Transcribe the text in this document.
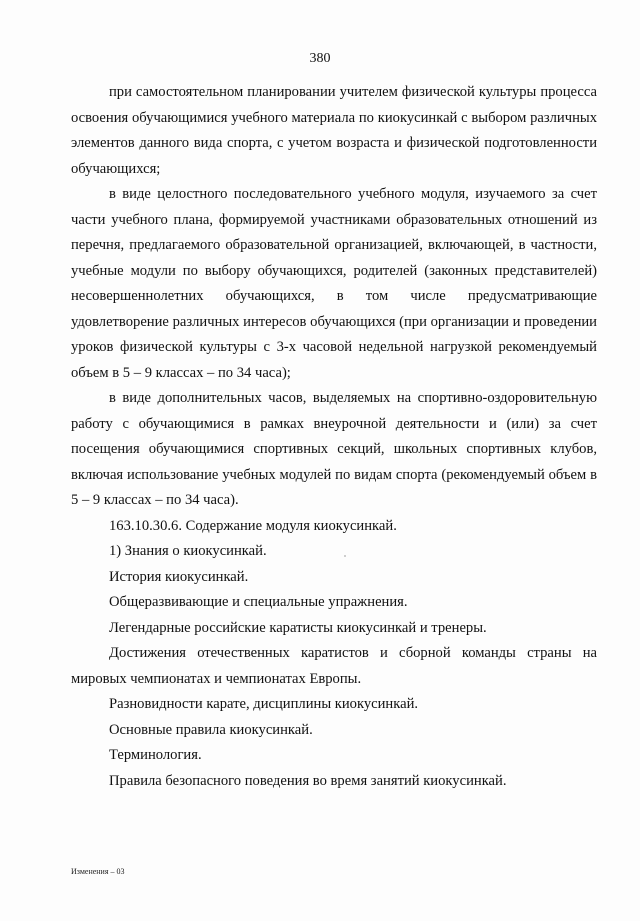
380

при самостоятельном планировании учителем физической культуры процесса освоения обучающимися учебного материала по киокусинкай с выбором различных элементов данного вида спорта, с учетом возраста и физической подготовленности обучающихся;

в виде целостного последовательного учебного модуля, изучаемого за счет части учебного плана, формируемой участниками образовательных отношений из перечня, предлагаемого образовательной организацией, включающей, в частности, учебные модули по выбору обучающихся, родителей (законных представителей) несовершеннолетних обучающихся, в том числе предусматривающие удовлетворение различных интересов обучающихся (при организации и проведении уроков физической культуры с 3-х часовой недельной нагрузкой рекомендуемый объем в 5 – 9 классах – по 34 часа);

в виде дополнительных часов, выделяемых на спортивно-оздоровительную работу с обучающимися в рамках внеурочной деятельности и (или) за счет посещения обучающимися спортивных секций, школьных спортивных клубов, включая использование учебных модулей по видам спорта (рекомендуемый объем в 5 – 9 классах – по 34 часа).

163.10.30.6. Содержание модуля киокусинкай.

1) Знания о киокусинкай.

История киокусинкай.

Общеразвивающие и специальные упражнения.

Легендарные российские каратисты киокусинкай и тренеры.

Достижения отечественных каратистов и сборной команды страны на мировых чемпионатах и чемпионатах Европы.

Разновидности карате, дисциплины киокусинкай.

Основные правила киокусинкай.

Терминология.

Правила безопасного поведения во время занятий киокусинкай.

Изменения – 03
